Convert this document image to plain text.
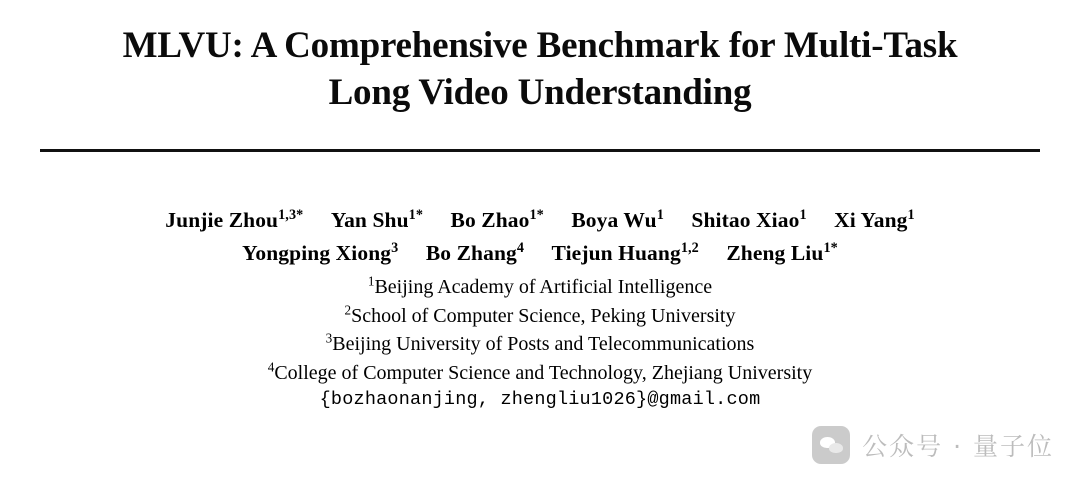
MLVU: A Comprehensive Benchmark for Multi-Task
Long Video Understanding
Junjie Zhou$^{1,3*}$ Yan Shu$^{1*}$ Bo Zhao$^{1*}$ Boya Wu$^1$ Shitao Xiao$^1$ Xi Yang$^1$
Yongping Xiong$^3$ Bo Zhang$^4$ Tiejun Huang$^{1,2}$ Zheng Liu$^{1*}$
$^1$Beijing Academy of Artificial Intelligence
$^2$School of Computer Science, Peking University
$^3$Beijing University of Posts and Telecommunications
$^4$College of Computer Science and Technology, Zhejiang University
{bozhaonanjing, zhengliu1026}@gmail.com
公众号 · 量子位
